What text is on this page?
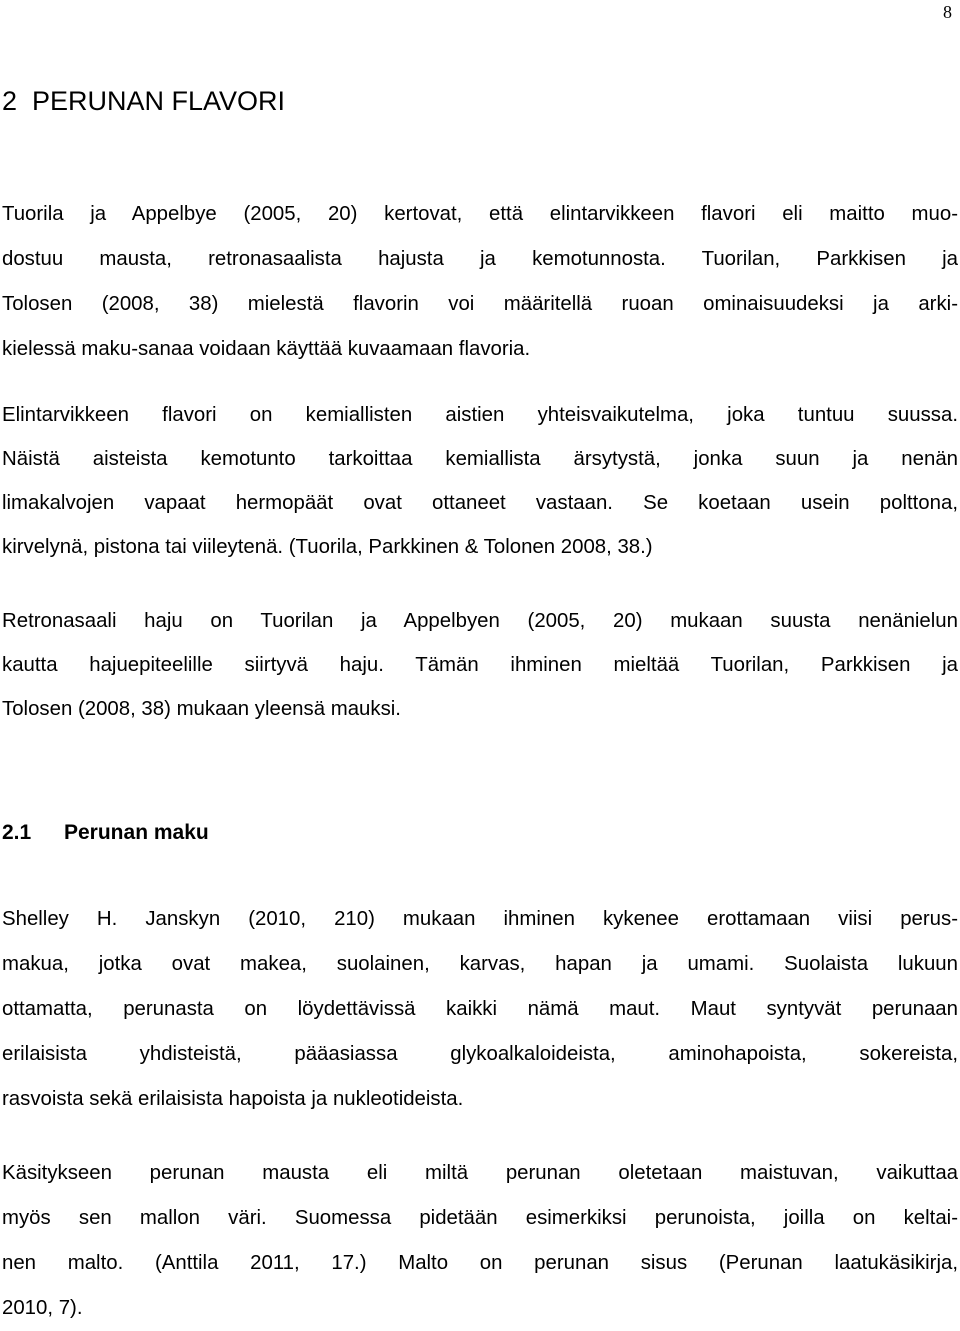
8
2 PERUNAN FLAVORI

Tuorila ja Appelbye (2005, 20) kertovat, että elintarvikkeen flavori eli maitto muo-
dostuu mausta, retronasaalista hajusta ja kemotunnosta. Tuorilan, Parkkisen ja
Tolosen (2008, 38) mielestä flavorin voi määritellä ruoan ominaisuudeksi ja arki-
kielessä maku-sanaa voidaan käyttää kuvaamaan flavoria.

Elintarvikkeen flavori on kemiallisten aistien yhteisvaikutelma, joka tuntuu suussa.
Näistä aisteista kemotunto tarkoittaa kemiallista ärsytystä, jonka suun ja nenän
limakalvojen vapaat hermopäät ovat ottaneet vastaan. Se koetaan usein polttona,
kirvelynä, pistona tai viileytenä. (Tuorila, Parkkinen & Tolonen 2008, 38.)

Retronasaali haju on Tuorilan ja Appelbyen (2005, 20) mukaan suusta nenänielun
kautta hajuepiteelille siirtyvä haju. Tämän ihminen mieltää Tuorilan, Parkkisen ja
Tolosen (2008, 38) mukaan yleensä mauksi.

2.1 Perunan maku

Shelley H. Janskyn (2010, 210) mukaan ihminen kykenee erottamaan viisi perus-
makua, jotka ovat makea, suolainen, karvas, hapan ja umami. Suolaista lukuun
ottamatta, perunasta on löydettävissä kaikki nämä maut. Maut syntyvät perunaan
erilaisista yhdisteistä, pääasiassa glykoalkaloideista, aminohapoista, sokereista,
rasvoista sekä erilaisista hapoista ja nukleotideista.

Käsitykseen perunan mausta eli miltä perunan oletetaan maistuvan, vaikuttaa
myös sen mallon väri. Suomessa pidetään esimerkiksi perunoista, joilla on keltai-
nen malto. (Anttila 2011, 17.) Malto on perunan sisus (Perunan laatukäsikirja,
2010, 7).
